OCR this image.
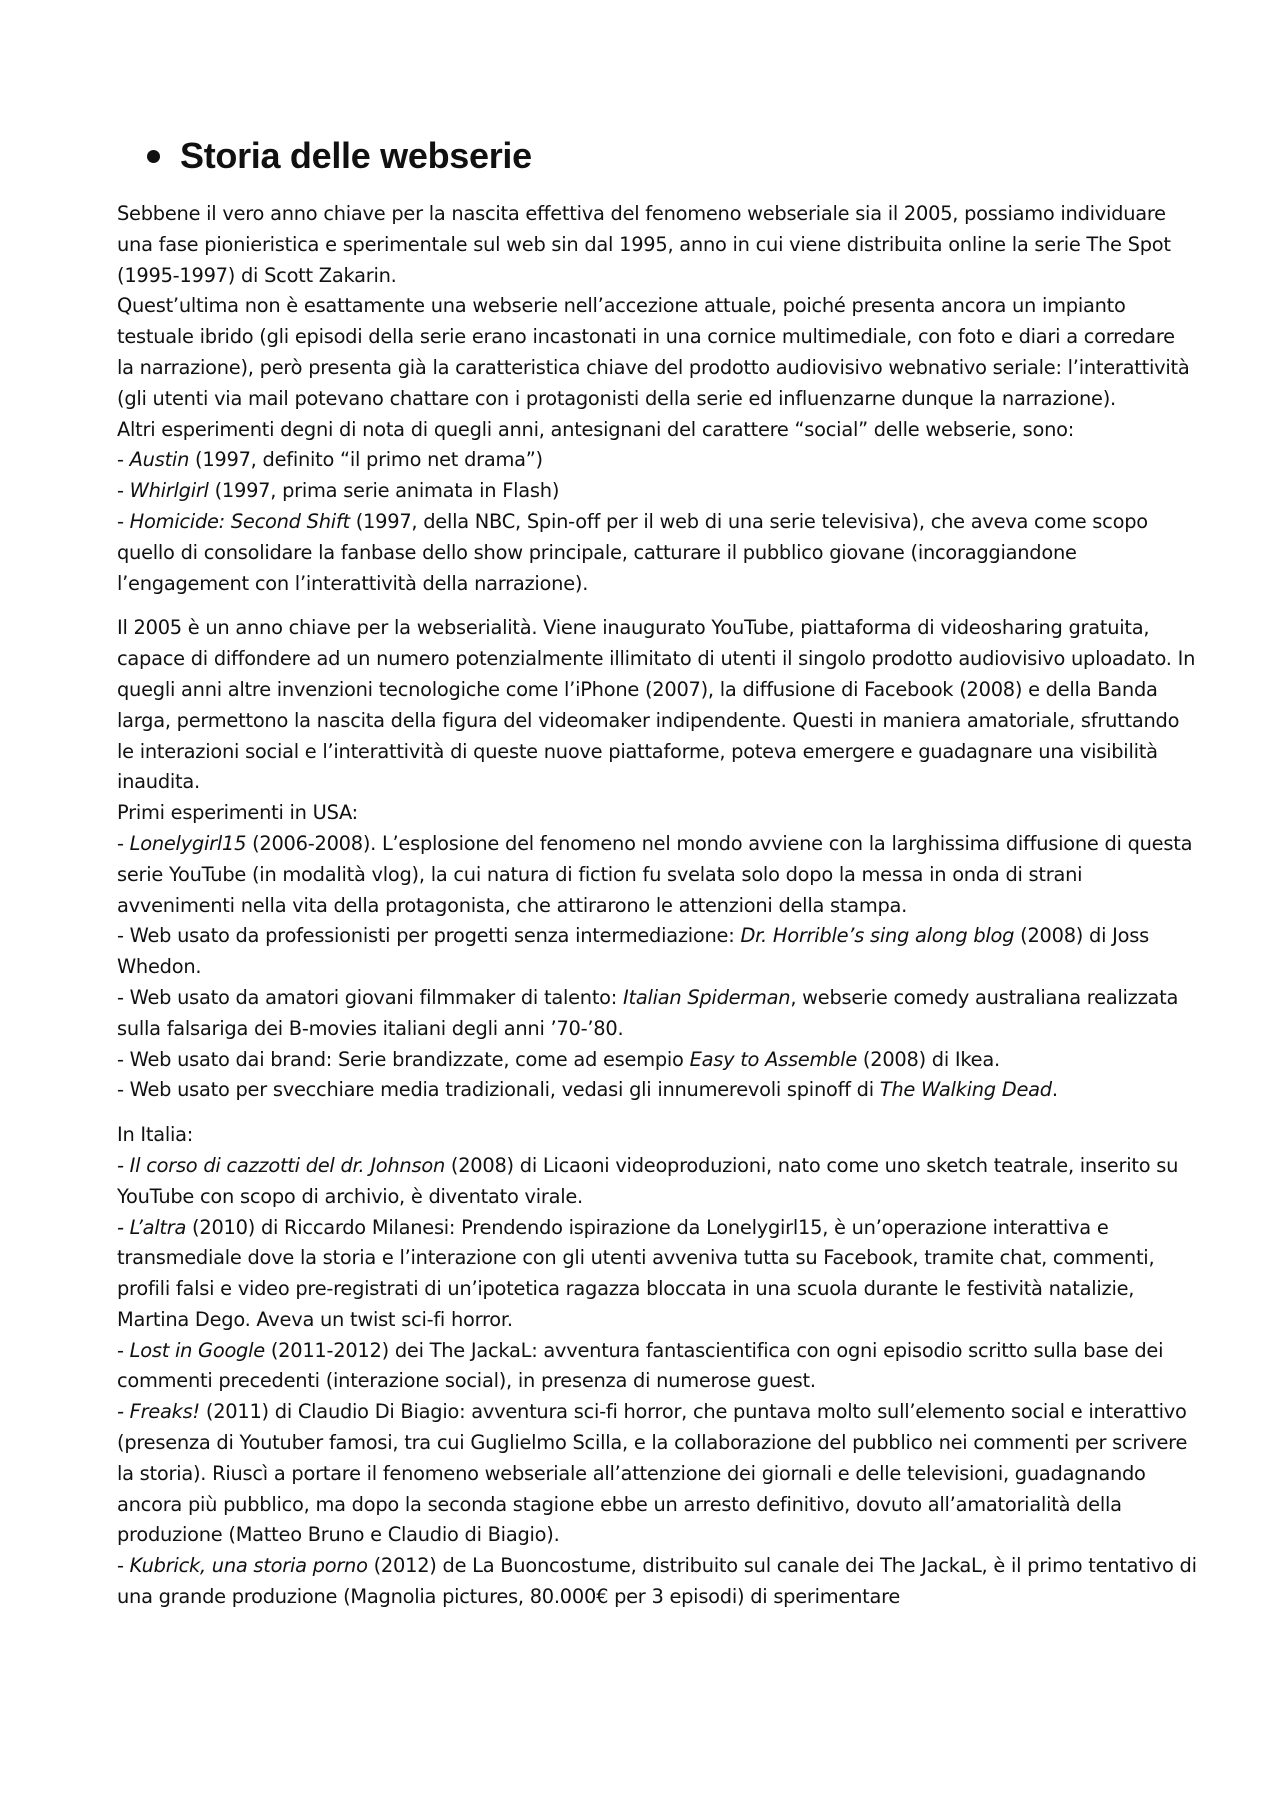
Storia delle webserie

Sebbene il vero anno chiave per la nascita effettiva del fenomeno webseriale sia il 2005, possiamo individuare una fase pionieristica e sperimentale sul web sin dal 1995, anno in cui viene distribuita online la serie The Spot (1995-1997) di Scott Zakarin.

Quest’ultima non è esattamente una webserie nell’accezione attuale, poiché presenta ancora un impianto testuale ibrido (gli episodi della serie erano incastonati in una cornice multimediale, con foto e diari a corredare la narrazione), però presenta già la caratteristica chiave del prodotto audiovisivo webnativo seriale: l’interattività (gli utenti via mail potevano chattare con i protagonisti della serie ed influenzarne dunque la narrazione).

Altri esperimenti degni di nota di quegli anni, antesignani del carattere “social” delle webserie, sono:

- Austin (1997, definito “il primo net drama”)

- Whirlgirl (1997, prima serie animata in Flash)

- Homicide: Second Shift (1997, della NBC, Spin-off per il web di una serie televisiva), che aveva come scopo quello di consolidare la fanbase dello show principale, catturare il pubblico giovane (incoraggiandone l’engagement con l’interattività della narrazione).

Il 2005 è un anno chiave per la webserialità. Viene inaugurato YouTube, piattaforma di videosharing gratuita, capace di diffondere ad un numero potenzialmente illimitato di utenti il singolo prodotto audiovisivo uploadato. In quegli anni altre invenzioni tecnologiche come l’iPhone (2007), la diffusione di Facebook (2008) e della Banda larga, permettono la nascita della figura del videomaker indipendente. Questi in maniera amatoriale, sfruttando le interazioni social e l’interattività di queste nuove piattaforme, poteva emergere e guadagnare una visibilità inaudita.

Primi esperimenti in USA:

- Lonelygirl15 (2006-2008). L’esplosione del fenomeno nel mondo avviene con la larghissima diffusione di questa serie YouTube (in modalità vlog), la cui natura di fiction fu svelata solo dopo la messa in onda di strani avvenimenti nella vita della protagonista, che attirarono le attenzioni della stampa.

- Web usato da professionisti per progetti senza intermediazione: Dr. Horrible’s sing along blog (2008) di Joss Whedon.

- Web usato da amatori giovani filmmaker di talento: Italian Spiderman, webserie comedy australiana realizzata sulla falsariga dei B-movies italiani degli anni ’70-’80.

- Web usato dai brand: Serie brandizzate, come ad esempio Easy to Assemble (2008) di Ikea.

- Web usato per svecchiare media tradizionali, vedasi gli innumerevoli spinoff di The Walking Dead.

In Italia:

- Il corso di cazzotti del dr. Johnson (2008) di Licaoni videoproduzioni, nato come uno sketch teatrale, inserito su YouTube con scopo di archivio, è diventato virale.

- L’altra (2010) di Riccardo Milanesi: Prendendo ispirazione da Lonelygirl15, è un’operazione interattiva e transmediale dove la storia e l’interazione con gli utenti avveniva tutta su Facebook, tramite chat, commenti, profili falsi e video pre-registrati di un’ipotetica ragazza bloccata in una scuola durante le festività natalizie, Martina Dego. Aveva un twist sci-fi horror.

- Lost in Google (2011-2012) dei The JackaL: avventura fantascientifica con ogni episodio scritto sulla base dei commenti precedenti (interazione social), in presenza di numerose guest.

- Freaks! (2011) di Claudio Di Biagio: avventura sci-fi horror, che puntava molto sull’elemento social e interattivo (presenza di Youtuber famosi, tra cui Guglielmo Scilla, e la collaborazione del pubblico nei commenti per scrivere la storia). Riuscì a portare il fenomeno webseriale all’attenzione dei giornali e delle televisioni, guadagnando ancora più pubblico, ma dopo la seconda stagione ebbe un arresto definitivo, dovuto all’amatorialità della produzione (Matteo Bruno e Claudio di Biagio).

- Kubrick, una storia porno (2012) de La Buoncostume, distribuito sul canale dei The JackaL, è il primo tentativo di una grande produzione (Magnolia pictures, 80.000€ per 3 episodi) di sperimentare
